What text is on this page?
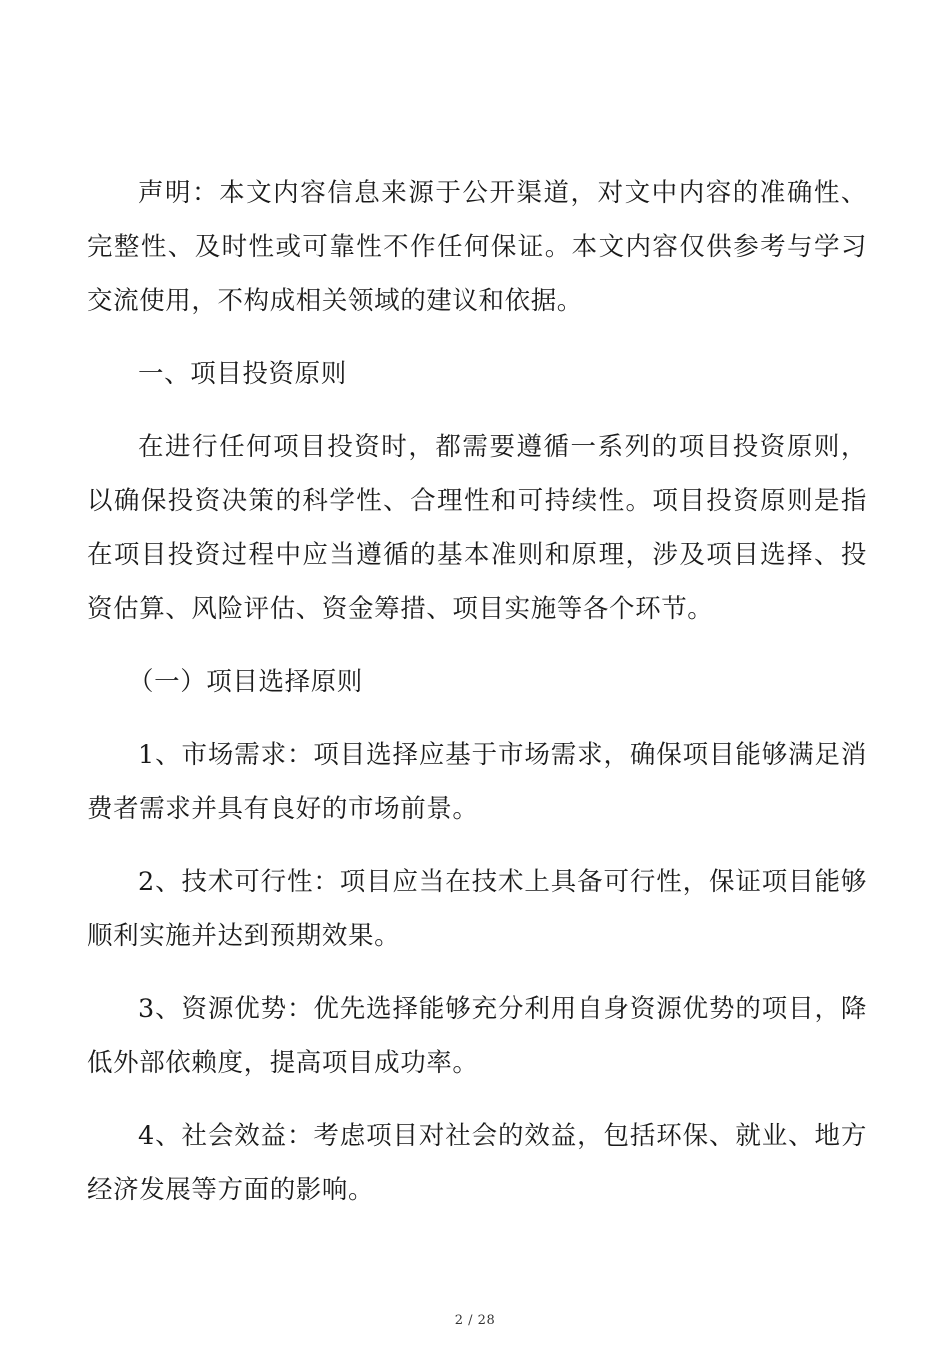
声明：本文内容信息来源于公开渠道，对文中内容的准确性、完整性、及时性或可靠性不作任何保证。本文内容仅供参考与学习交流使用，不构成相关领域的建议和依据。

一、项目投资原则

在进行任何项目投资时，都需要遵循一系列的项目投资原则，以确保投资决策的科学性、合理性和可持续性。项目投资原则是指在项目投资过程中应当遵循的基本准则和原理，涉及项目选择、投资估算、风险评估、资金筹措、项目实施等各个环节。

（一）项目选择原则

1、市场需求：项目选择应基于市场需求，确保项目能够满足消费者需求并具有良好的市场前景。

2、技术可行性：项目应当在技术上具备可行性，保证项目能够顺利实施并达到预期效果。

3、资源优势：优先选择能够充分利用自身资源优势的项目，降低外部依赖度，提高项目成功率。

4、社会效益：考虑项目对社会的效益，包括环保、就业、地方经济发展等方面的影响。

2 / 28
